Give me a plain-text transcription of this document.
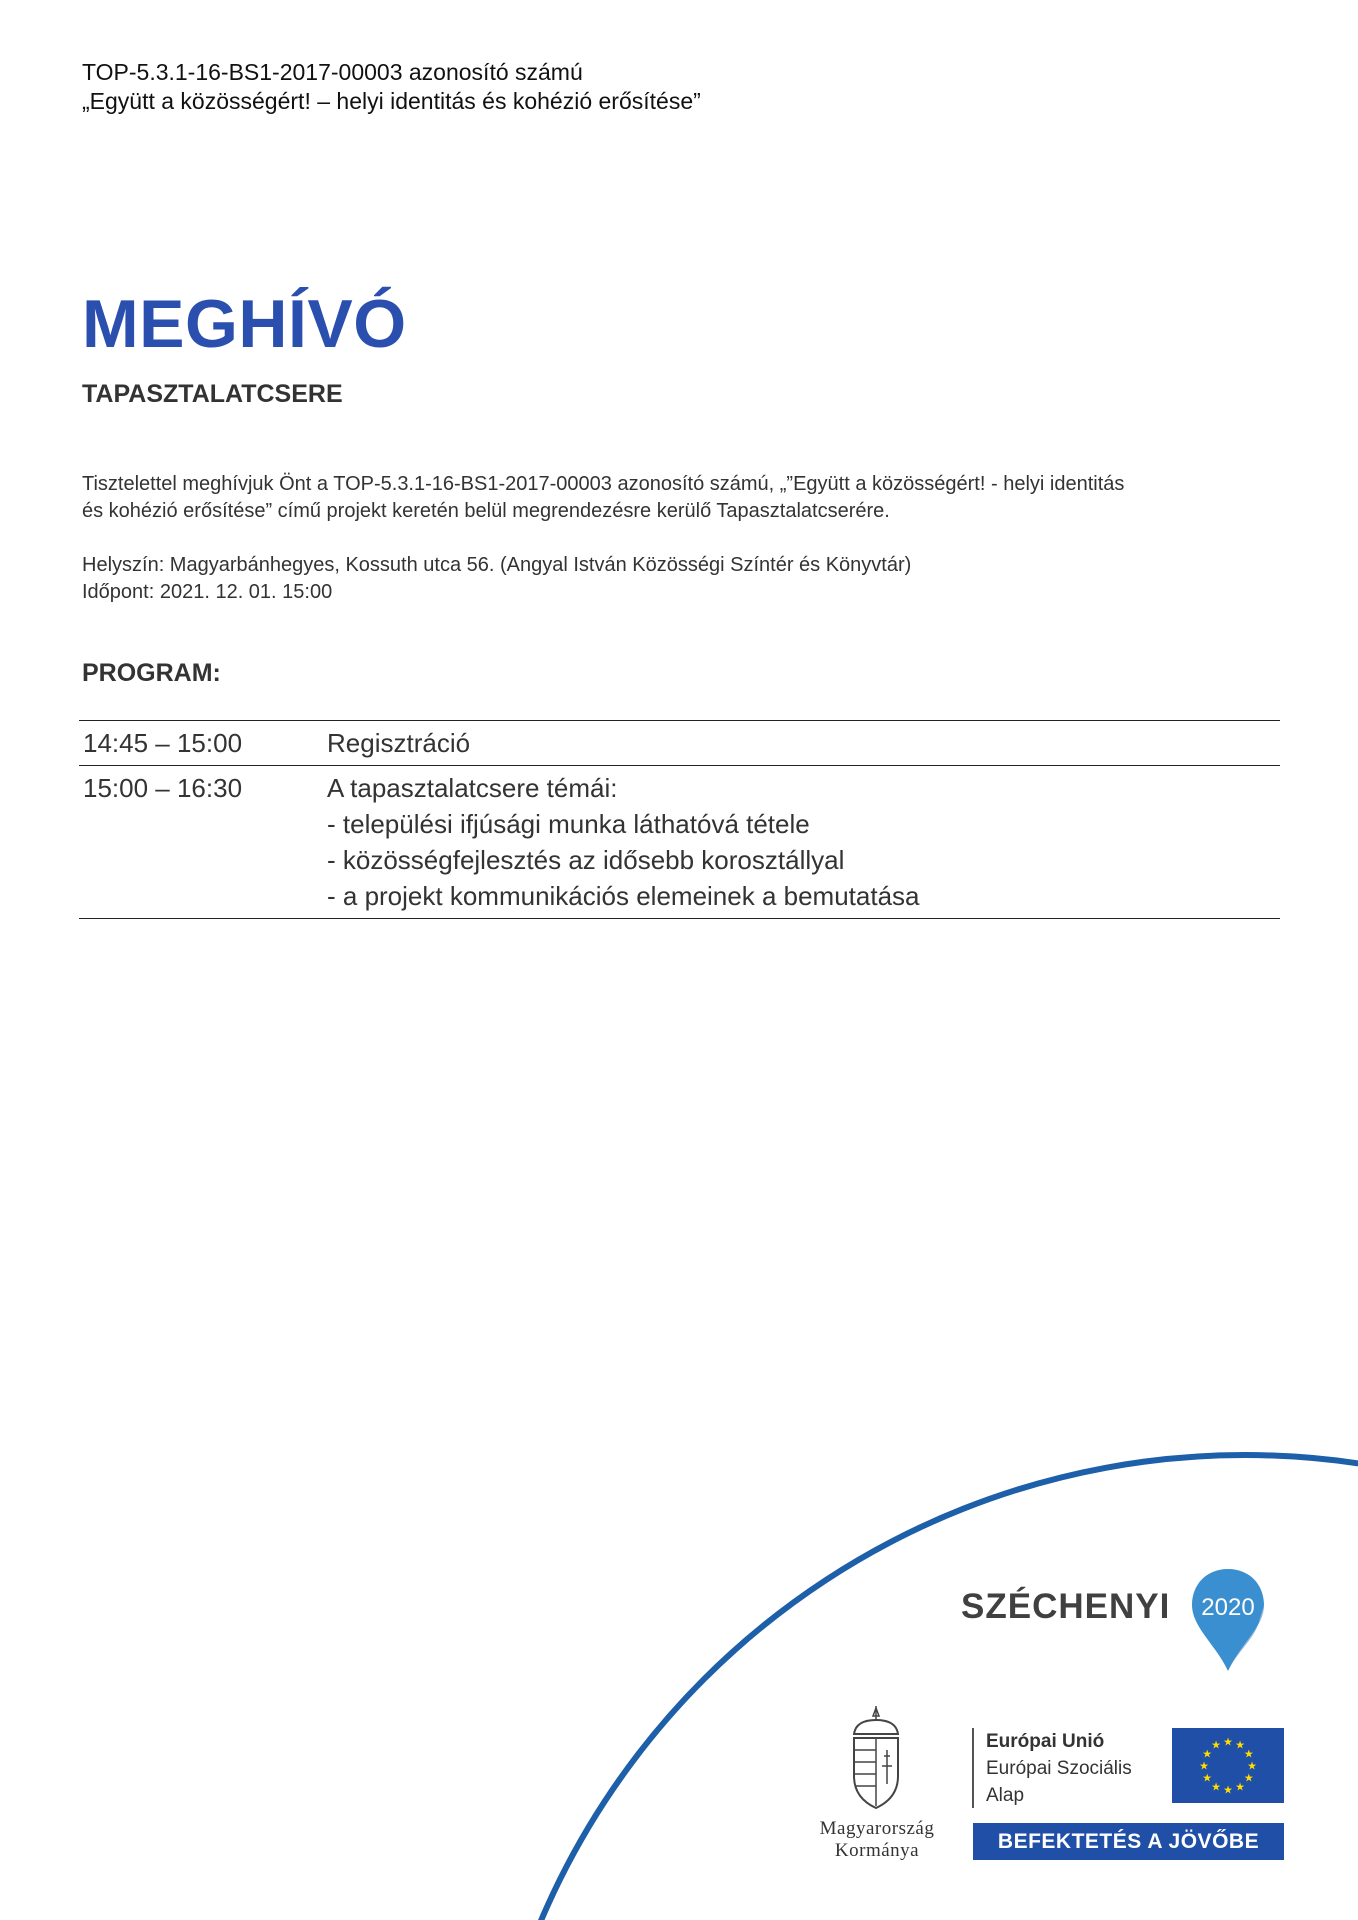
TOP-5.3.1-16-BS1-2017-00003 azonosító számú
„Együtt a közösségért! – helyi identitás és kohézió erősítése”
MEGHÍVÓ
TAPASZTALATCSERE
Tisztelettel meghívjuk Önt a TOP-5.3.1-16-BS1-2017-00003 azonosító számú, „”Együtt a közösségért! - helyi identitás
és kohézió erősítése” című projekt keretén belül megrendezésre kerülő Tapasztalatcserére.
Helyszín: Magyarbánhegyes, Kossuth utca 56. (Angyal István Közösségi Színtér és Könyvtár)
Időpont: 2021. 12. 01. 15:00
PROGRAM:
14:45 – 15:00	Regisztráció

15:00 – 16:30	A tapasztalatcsere témái:
- települési ifjúsági munka láthatóvá tétele
- közösségfejlesztés az idősebb korosztállyal
- a projekt kommunikációs elemeinek a bemutatása
SZÉCHENYI 2020
Magyarország
Kormánya
Európai Unió
Európai Szociális
Alap
★ ★
★
★
★
★
★
★
★
★
★
★
BEFEKTETÉS A JÖVŐBE
